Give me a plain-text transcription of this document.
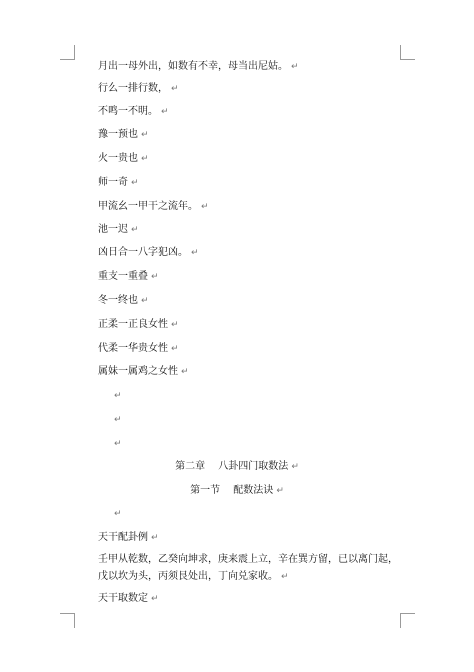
月出一母外出，如数有不幸，母当出尼姑。 ↵
行么一排行数， ↵
不鸣一不明。 ↵
豫一预也 ↵
火一贵也 ↵
师一奇 ↵
甲流幺一甲干之流年。 ↵
池一迟 ↵
凶日合一八字犯凶。 ↵
重支一重叠 ↵
冬一终也 ↵
正柔一正良女性 ↵
代柔一华贵女性 ↵
属妹一属鸡之女性 ↵
↵
↵
↵
第二章　 八卦四门取数法 ↵
第一节　 配数法诀 ↵
↵
天干配卦例 ↵
壬甲从乾数，乙癸向坤求，庚来震上立，辛在巽方留，已以离门起，戊以坎为头，丙须艮处出，丁向兑家收。 ↵
天干取数定 ↵
